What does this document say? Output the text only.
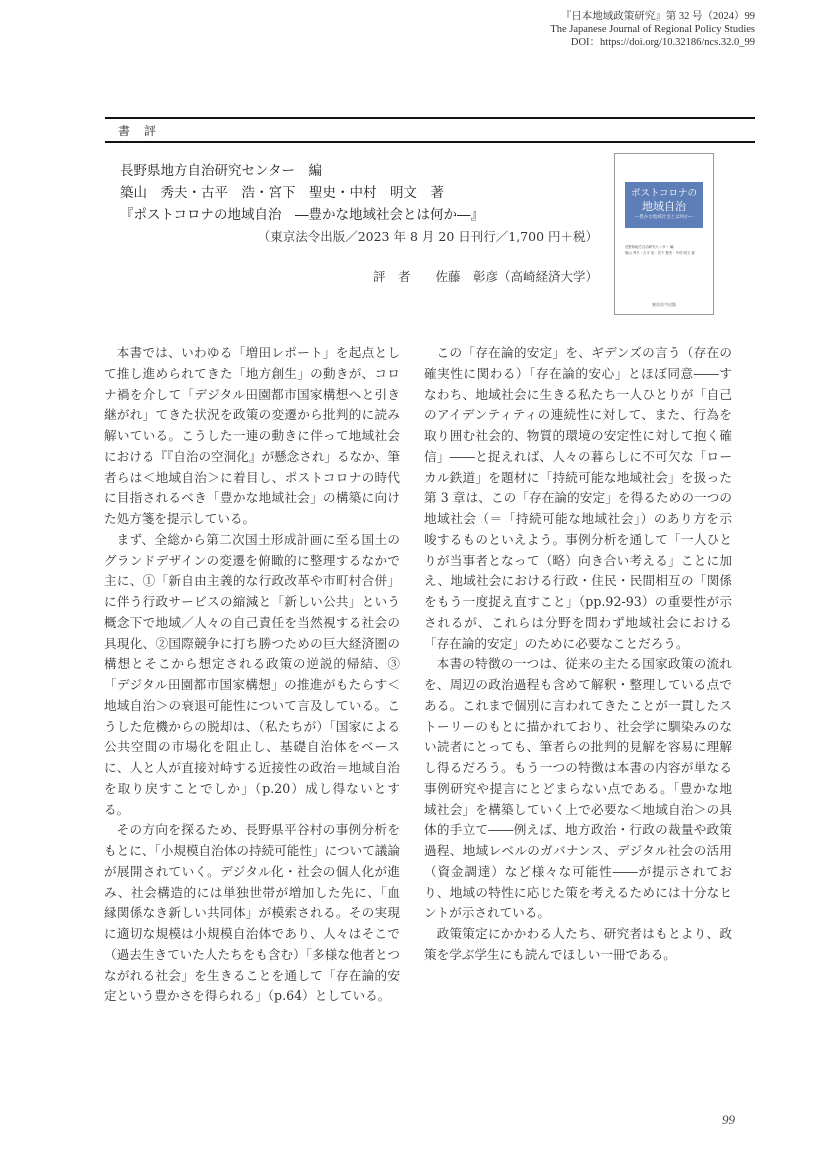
『日本地域政策研究』第 32 号（2024）99
The Japanese Journal of Regional Policy Studies
DOI：https://doi.org/10.32186/ncs.32.0_99
書評
長野県地方自治研究センター　編
築山　秀夫・古平　浩・宮下　聖史・中村　明文　著
『ポストコロナの地域自治　―豊かな地域社会とは何か―』
（東京法令出版／2023 年 8 月 20 日刊行／1,700 円＋税）
評　者　　佐藤　彰彦（高崎経済大学）
ポストコロナの
地域自治
―豊かな地域社会とは何か―
長野県地方自治研究センター 編
築山 秀夫・古平 浩・宮下 聖史・中村 明文 著
東京法令出版

本書では、いわゆる「増田レポート」を起点として推し進められてきた「地方創生」の動きが、コロナ禍を介して「デジタル田園都市国家構想へと引き継がれ」てきた状況を政策の変遷から批判的に読み解いている。こうした一連の動きに伴って地域社会における『『自治の空洞化』が懸念され」るなか、筆者らは＜地域自治＞に着目し、ポストコロナの時代に目指されるべき「豊かな地域社会」の構築に向けた処方箋を提示している。

まず、全総から第二次国土形成計画に至る国土のグランドデザインの変遷を俯瞰的に整理するなかで主に、①「新自由主義的な行政改革や市町村合併」に伴う行政サービスの縮減と「新しい公共」という概念下で地域／人々の自己責任を当然視する社会の具現化、②国際競争に打ち勝つための巨大経済圏の構想とそこから想定される政策の逆説的帰結、③「デジタル田園都市国家構想」の推進がもたらす＜地域自治＞の衰退可能性について言及している。こうした危機からの脱却は、（私たちが）「国家による公共空間の市場化を阻止し、基礎自治体をベースに、人と人が直接対峙する近接性の政治＝地域自治を取り戻すことでしか」（p.20）成し得ないとする。

その方向を探るため、長野県平谷村の事例分析をもとに、「小規模自治体の持続可能性」について議論が展開されていく。デジタル化・社会の個人化が進み、社会構造的には単独世帯が増加した先に、「血縁関係なき新しい共同体」が模索される。その実現に適切な規模は小規模自治体であり、人々はそこで（過去生きていた人たちをも含む）「多様な他者とつながれる社会」を生きることを通して「存在論的安定という豊かさを得られる」（p.64）としている。

この「存在論的安定」を、ギデンズの言う（存在の確実性に関わる）「存在論的安心」とほぼ同意――すなわち、地域社会に生きる私たち一人ひとりが「自己のアイデンティティの連続性に対して、また、行為を取り囲む社会的、物質的環境の安定性に対して抱く確信」――と捉えれば、人々の暮らしに不可欠な「ローカル鉄道」を題材に「持続可能な地域社会」を扱った第 3 章は、この「存在論的安定」を得るための一つの地域社会（＝「持続可能な地域社会」）のあり方を示唆するものといえよう。事例分析を通して「一人ひとりが当事者となって（略）向き合い考える」ことに加え、地域社会における行政・住民・民間相互の「関係をもう一度捉え直すこと」（pp.92-93）の重要性が示されるが、これらは分野を問わず地域社会における「存在論的安定」のために必要なことだろう。

本書の特徴の一つは、従来の主たる国家政策の流れを、周辺の政治過程も含めて解釈・整理している点である。これまで個別に言われてきたことが一貫したストーリーのもとに描かれており、社会学に馴染みのない読者にとっても、筆者らの批判的見解を容易に理解し得るだろう。もう一つの特徴は本書の内容が単なる事例研究や提言にとどまらない点である。「豊かな地域社会」を構築していく上で必要な＜地域自治＞の具体的手立て――例えば、地方政治・行政の裁量や政策過程、地域レベルのガバナンス、デジタル社会の活用（資金調達）など様々な可能性――が提示されており、地域の特性に応じた策を考えるためには十分なヒントが示されている。

政策策定にかかわる人たち、研究者はもとより、政策を学ぶ学生にも読んでほしい一冊である。

99
